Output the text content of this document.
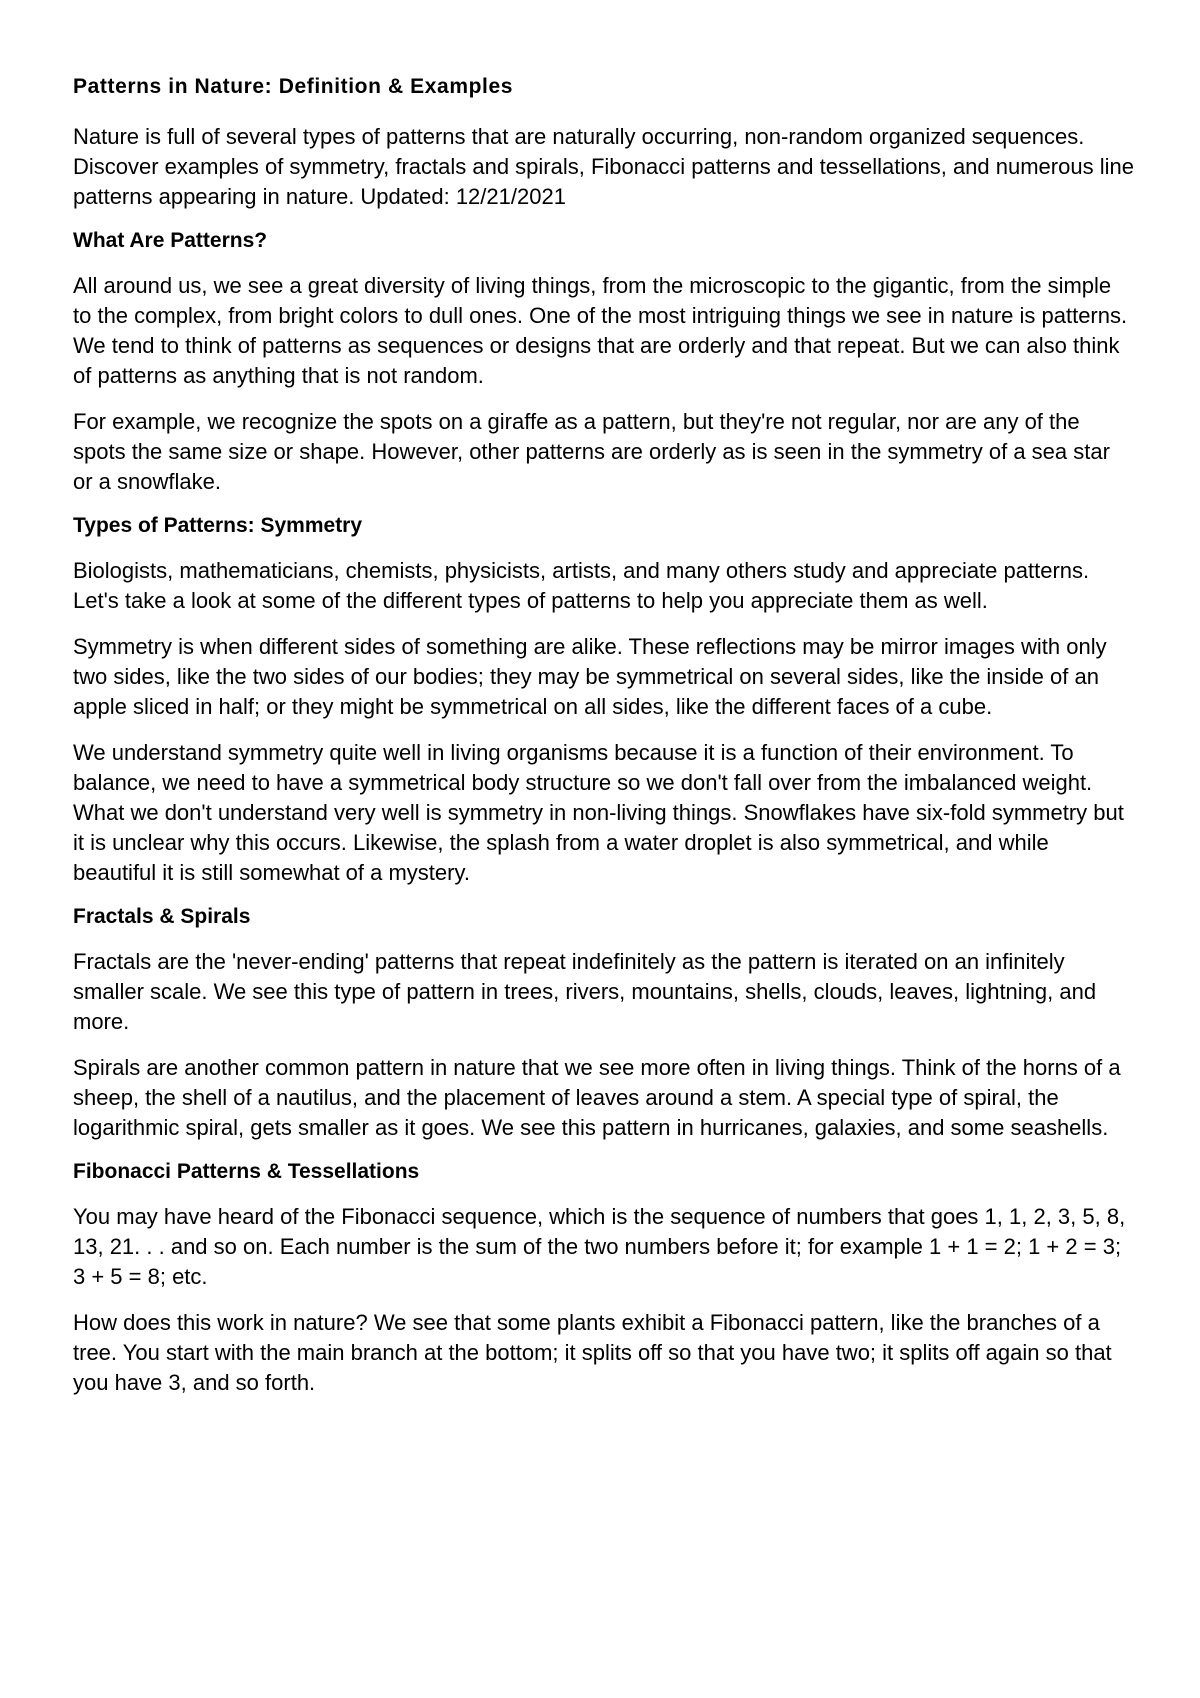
Patterns in Nature: Definition & Examples

Nature is full of several types of patterns that are naturally occurring, non-random organized sequences. Discover examples of symmetry, fractals and spirals, Fibonacci patterns and tessellations, and numerous line patterns appearing in nature. Updated: 12/21/2021

What Are Patterns?

All around us, we see a great diversity of living things, from the microscopic to the gigantic, from the simple to the complex, from bright colors to dull ones. One of the most intriguing things we see in nature is patterns. We tend to think of patterns as sequences or designs that are orderly and that repeat. But we can also think of patterns as anything that is not random.

For example, we recognize the spots on a giraffe as a pattern, but they're not regular, nor are any of the spots the same size or shape. However, other patterns are orderly as is seen in the symmetry of a sea star or a snowflake.

Types of Patterns: Symmetry

Biologists, mathematicians, chemists, physicists, artists, and many others study and appreciate patterns. Let's take a look at some of the different types of patterns to help you appreciate them as well.

Symmetry is when different sides of something are alike. These reflections may be mirror images with only two sides, like the two sides of our bodies; they may be symmetrical on several sides, like the inside of an apple sliced in half; or they might be symmetrical on all sides, like the different faces of a cube.

We understand symmetry quite well in living organisms because it is a function of their environment. To balance, we need to have a symmetrical body structure so we don't fall over from the imbalanced weight. What we don't understand very well is symmetry in non-living things. Snowflakes have six-fold symmetry but it is unclear why this occurs. Likewise, the splash from a water droplet is also symmetrical, and while beautiful it is still somewhat of a mystery.

Fractals & Spirals

Fractals are the 'never-ending' patterns that repeat indefinitely as the pattern is iterated on an infinitely smaller scale. We see this type of pattern in trees, rivers, mountains, shells, clouds, leaves, lightning, and more.

Spirals are another common pattern in nature that we see more often in living things. Think of the horns of a sheep, the shell of a nautilus, and the placement of leaves around a stem. A special type of spiral, the logarithmic spiral, gets smaller as it goes. We see this pattern in hurricanes, galaxies, and some seashells.

Fibonacci Patterns & Tessellations

You may have heard of the Fibonacci sequence, which is the sequence of numbers that goes 1, 1, 2, 3, 5, 8, 13, 21. . . and so on. Each number is the sum of the two numbers before it; for example 1 + 1 = 2; 1 + 2 = 3; 3 + 5 = 8; etc.

How does this work in nature? We see that some plants exhibit a Fibonacci pattern, like the branches of a tree. You start with the main branch at the bottom; it splits off so that you have two; it splits off again so that you have 3, and so forth.
